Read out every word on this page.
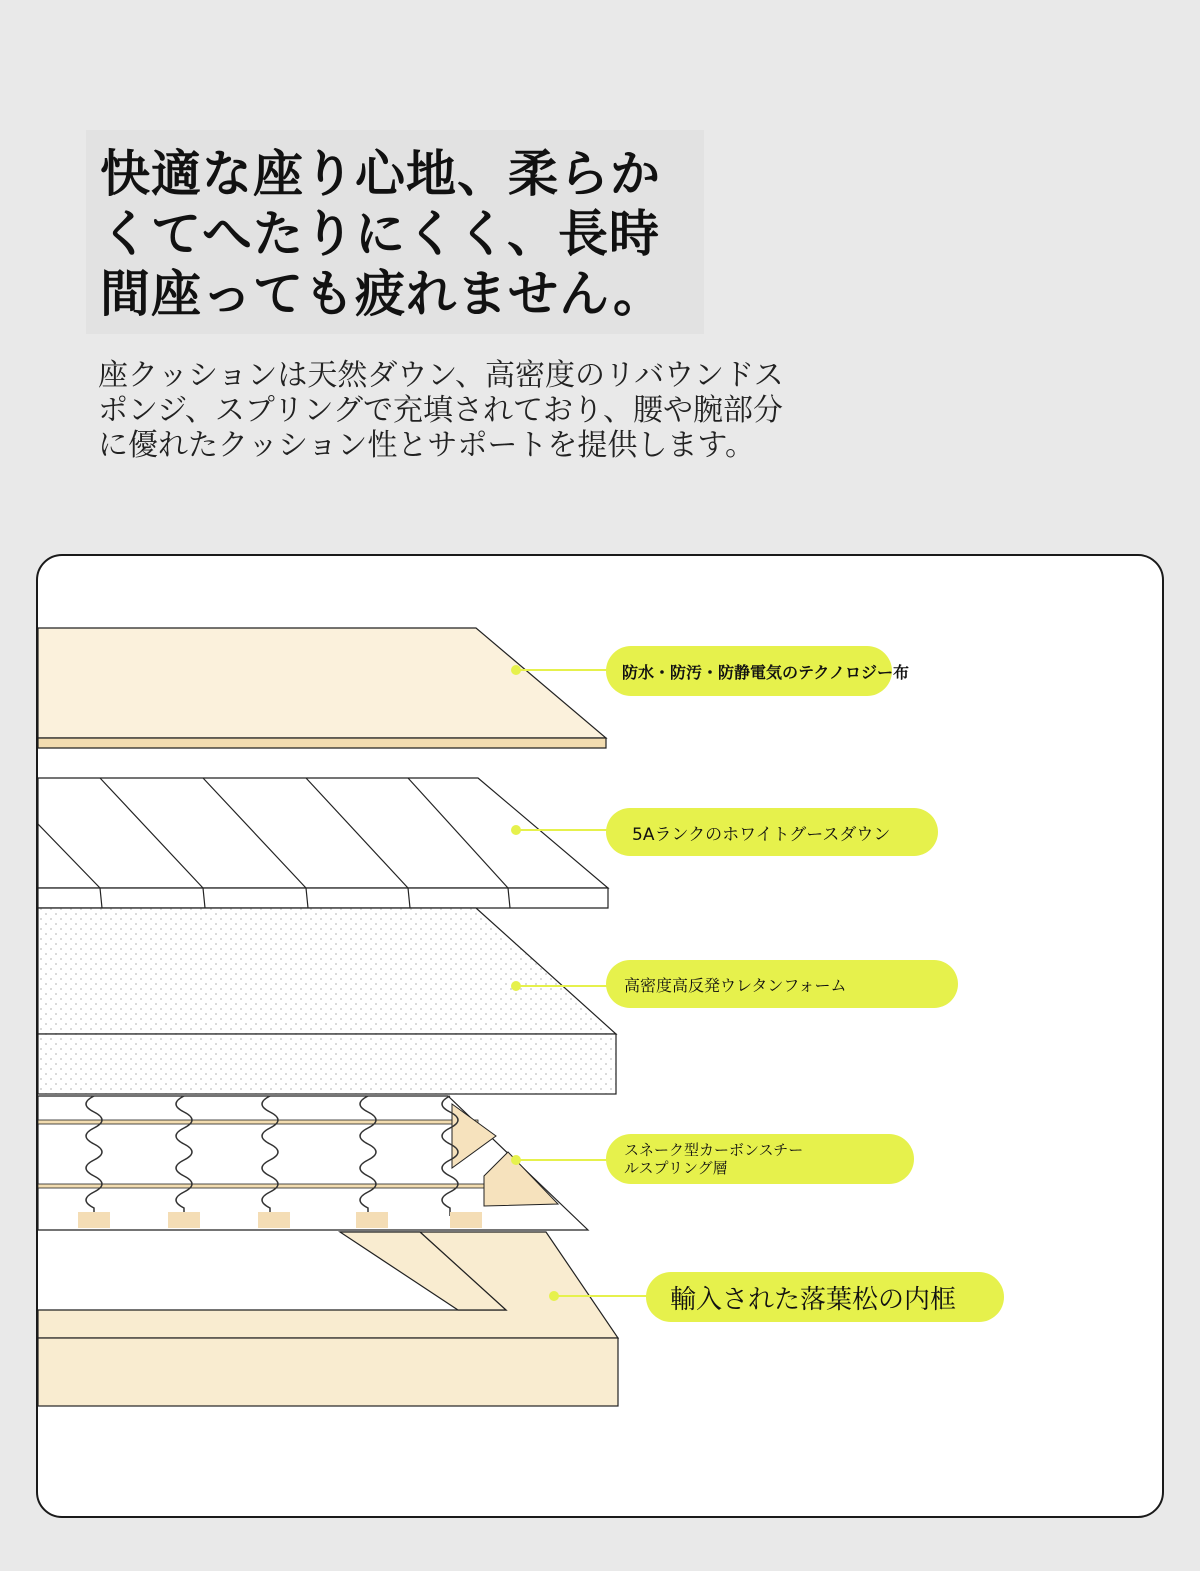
快適な座り心地、柔らか
くてへたりにくく、長時
間座っても疲れません。
座クッションは天然ダウン、高密度のリバウンドス
ポンジ、スプリングで充填されており、腰や腕部分
に優れたクッション性とサポートを提供します。
防水・防汚・防静電気のテクノロジー布
5Aランクのホワイトグースダウン
高密度高反発ウレタンフォーム
スネーク型カーボンスチー
ルスプリング層
輸入された落葉松の内框
